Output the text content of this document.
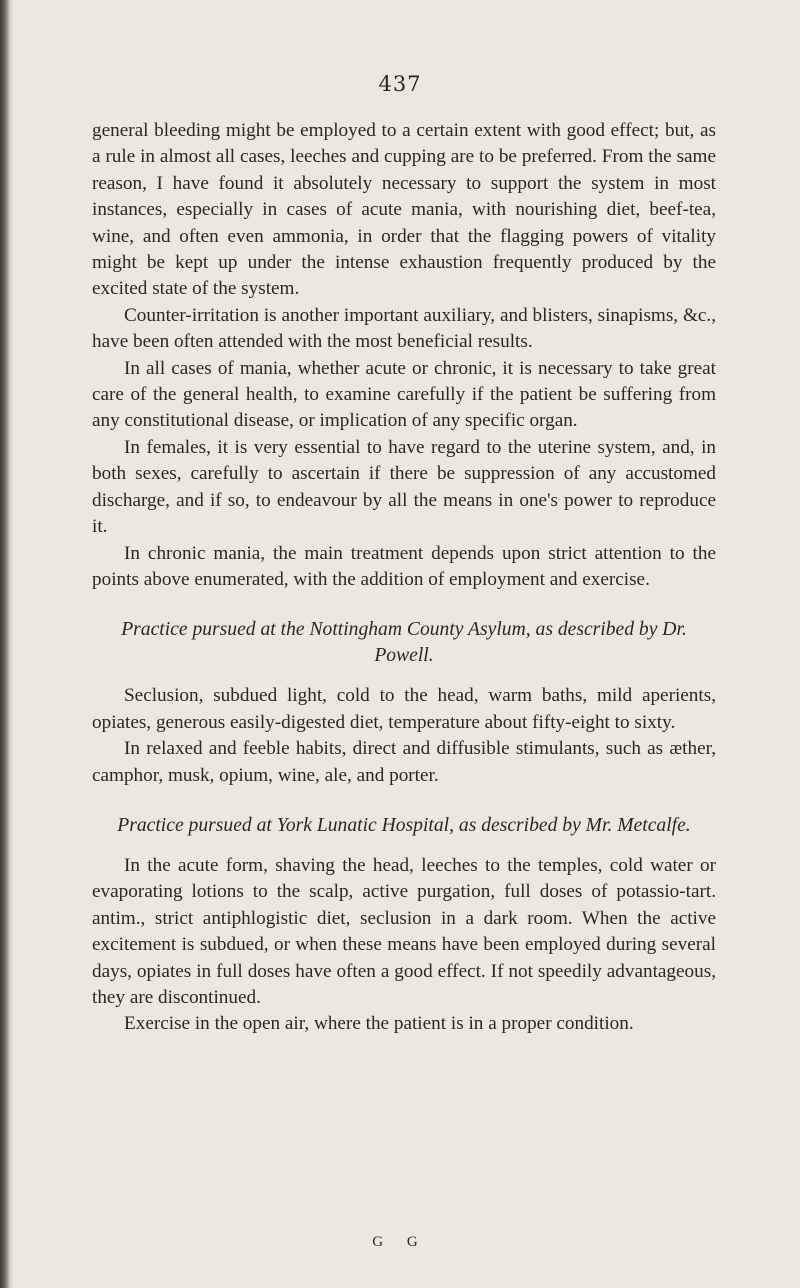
437

general bleeding might be employed to a certain extent with good effect; but, as a rule in almost all cases, leeches and cupping are to be preferred. From the same reason, I have found it absolutely necessary to support the system in most instances, especially in cases of acute mania, with nourishing diet, beef-tea, wine, and often even ammonia, in order that the flagging powers of vitality might be kept up under the intense exhaustion frequently produced by the excited state of the system.

Counter-irritation is another important auxiliary, and blisters, sinapisms, &c., have been often attended with the most beneficial results.

In all cases of mania, whether acute or chronic, it is necessary to take great care of the general health, to examine carefully if the patient be suffering from any constitutional disease, or implication of any specific organ.

In females, it is very essential to have regard to the uterine system, and, in both sexes, carefully to ascertain if there be suppression of any accustomed discharge, and if so, to endeavour by all the means in one's power to reproduce it.

In chronic mania, the main treatment depends upon strict attention to the points above enumerated, with the addition of employment and exercise.

Practice pursued at the Nottingham County Asylum, as described by Dr. Powell.

Seclusion, subdued light, cold to the head, warm baths, mild aperients, opiates, generous easily-digested diet, temperature about fifty-eight to sixty.

In relaxed and feeble habits, direct and diffusible stimulants, such as æther, camphor, musk, opium, wine, ale, and porter.

Practice pursued at York Lunatic Hospital, as described by Mr. Metcalfe.

In the acute form, shaving the head, leeches to the temples, cold water or evaporating lotions to the scalp, active purgation, full doses of potassio-tart. antim., strict antiphlogistic diet, seclusion in a dark room. When the active excitement is subdued, or when these means have been employed during several days, opiates in full doses have often a good effect. If not speedily advantageous, they are discontinued.

Exercise in the open air, where the patient is in a proper condition.

G G
